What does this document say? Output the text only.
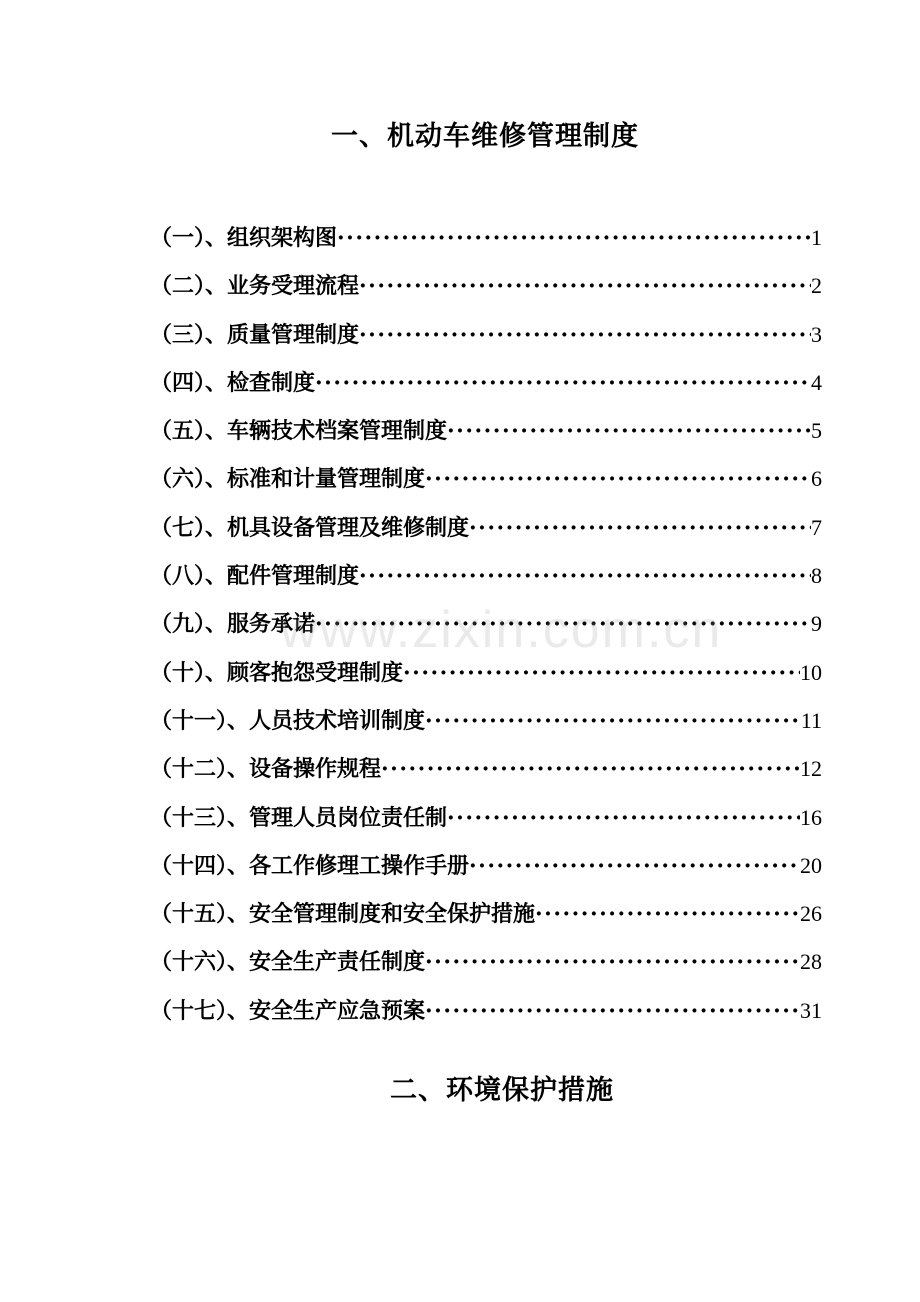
一、机动车维修管理制度
（一）、组织架构图 ·····	1
（二）、业务受理流程 ·····	2
（三）、质量管理制度 ·····	3
（四）、检查制度 ·····	4
（五）、车辆技术档案管理制度 ·····	5
（六）、标准和计量管理制度 ·····	6
（七）、机具设备管理及维修制度 ·····	7
（八）、配件管理制度 ·····	8
（九）、服务承诺 ·····	9
（十）、顾客抱怨受理制度 ·····	10
（十一）、人员技术培训制度 ·····	11
（十二）、设备操作规程 ·····	12
（十三）、管理人员岗位责任制 ·····	16
（十四）、各工作修理工操作手册 ·····	20
（十五）、安全管理制度和安全保护措施 ·····	26
（十六）、安全生产责任制度 ·····	28
（十七）、安全生产应急预案 ·····	31
二、环境保护措施
www.zixin.com.cn
